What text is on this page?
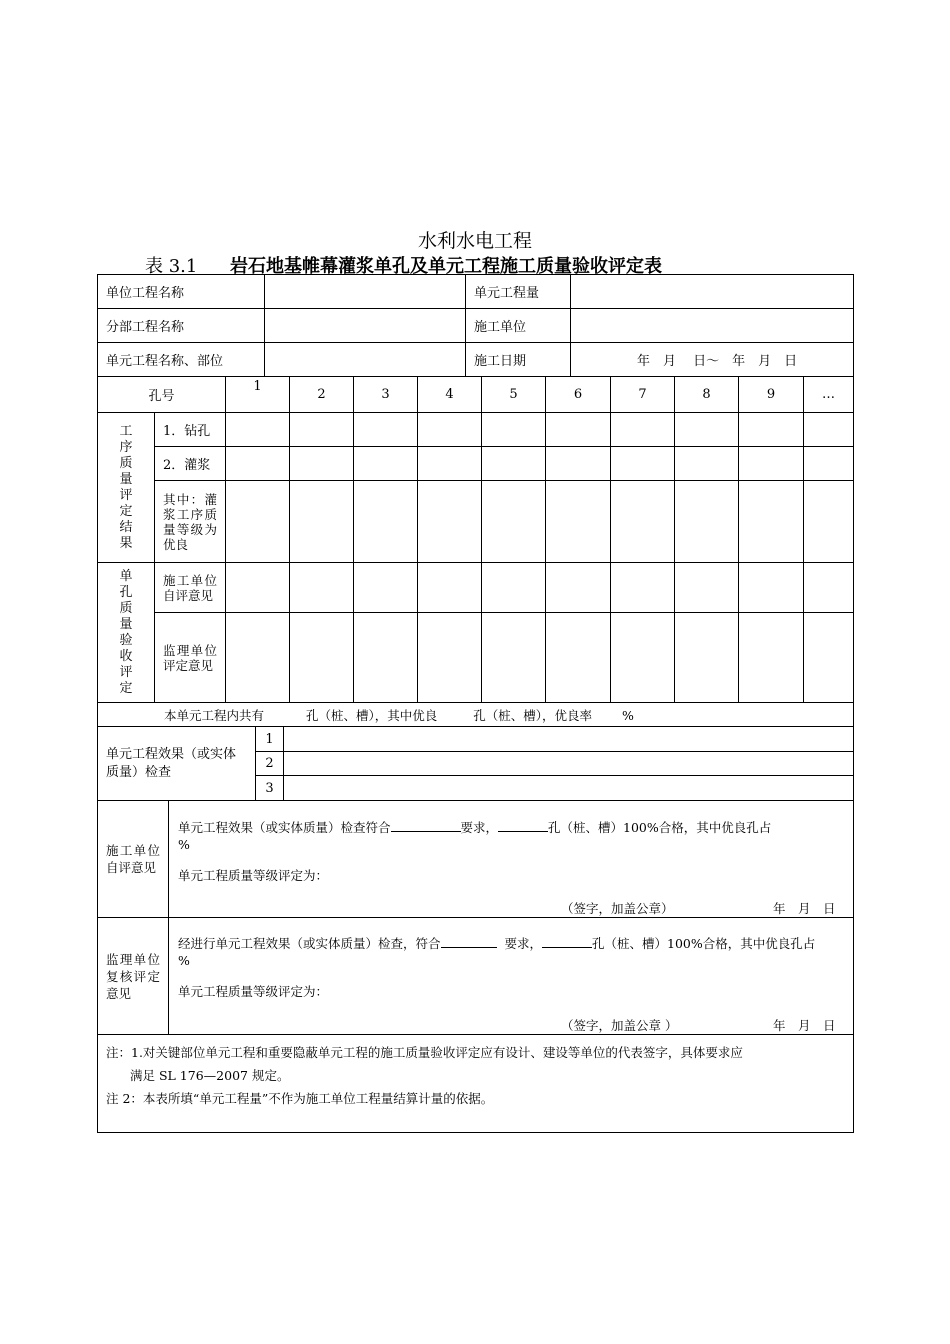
水利水电工程
表 3.1 岩石地基帷幕灌浆单孔及单元工程施工质量验收评定表
单位工程名称		单元工程量	
分部工程名称		施工单位	
单元工程名称、部位		施工日期	年　月　 日～　年　月　日
孔号		1	2	3	4	5	6	7	8	9	…

工序质量评定结果	1．钻孔										
	2．灌浆										

	其中：灌浆工序质量等级为优良										

单孔质量验收评定	施工单位自评意见										

	监理单位评定意见										

本单元工程内共有 孔（桩、槽），其中优良 孔（桩、槽），优良率 %											
单元工程效果（或实体质量）检查	1	
	2	
	3	
施工单位自评意见	单元工程效果（或实体质量）检查符合 要求， 孔（桩、槽）100%合格，其中优良孔占
%
单元工程质量等级评定为：
（签字，加盖公章） 年　月　日

监理单位复核评定意见	经进行单元工程效果（或实体质量）检查，符合 要求， 孔（桩、槽）100%合格，其中优良孔占%
单元工程质量等级评定为：
（签字，加盖公章 ） 年　月　日

注：1.对关键部位单元工程和重要隐蔽单元工程的施工质量验收评定应有设计、建设等单位的代表签字，具体要求应

满足 SL 176—2007 规定。

注 2：本表所填“单元工程量”不作为施工单位工程量结算计量的依据。	
